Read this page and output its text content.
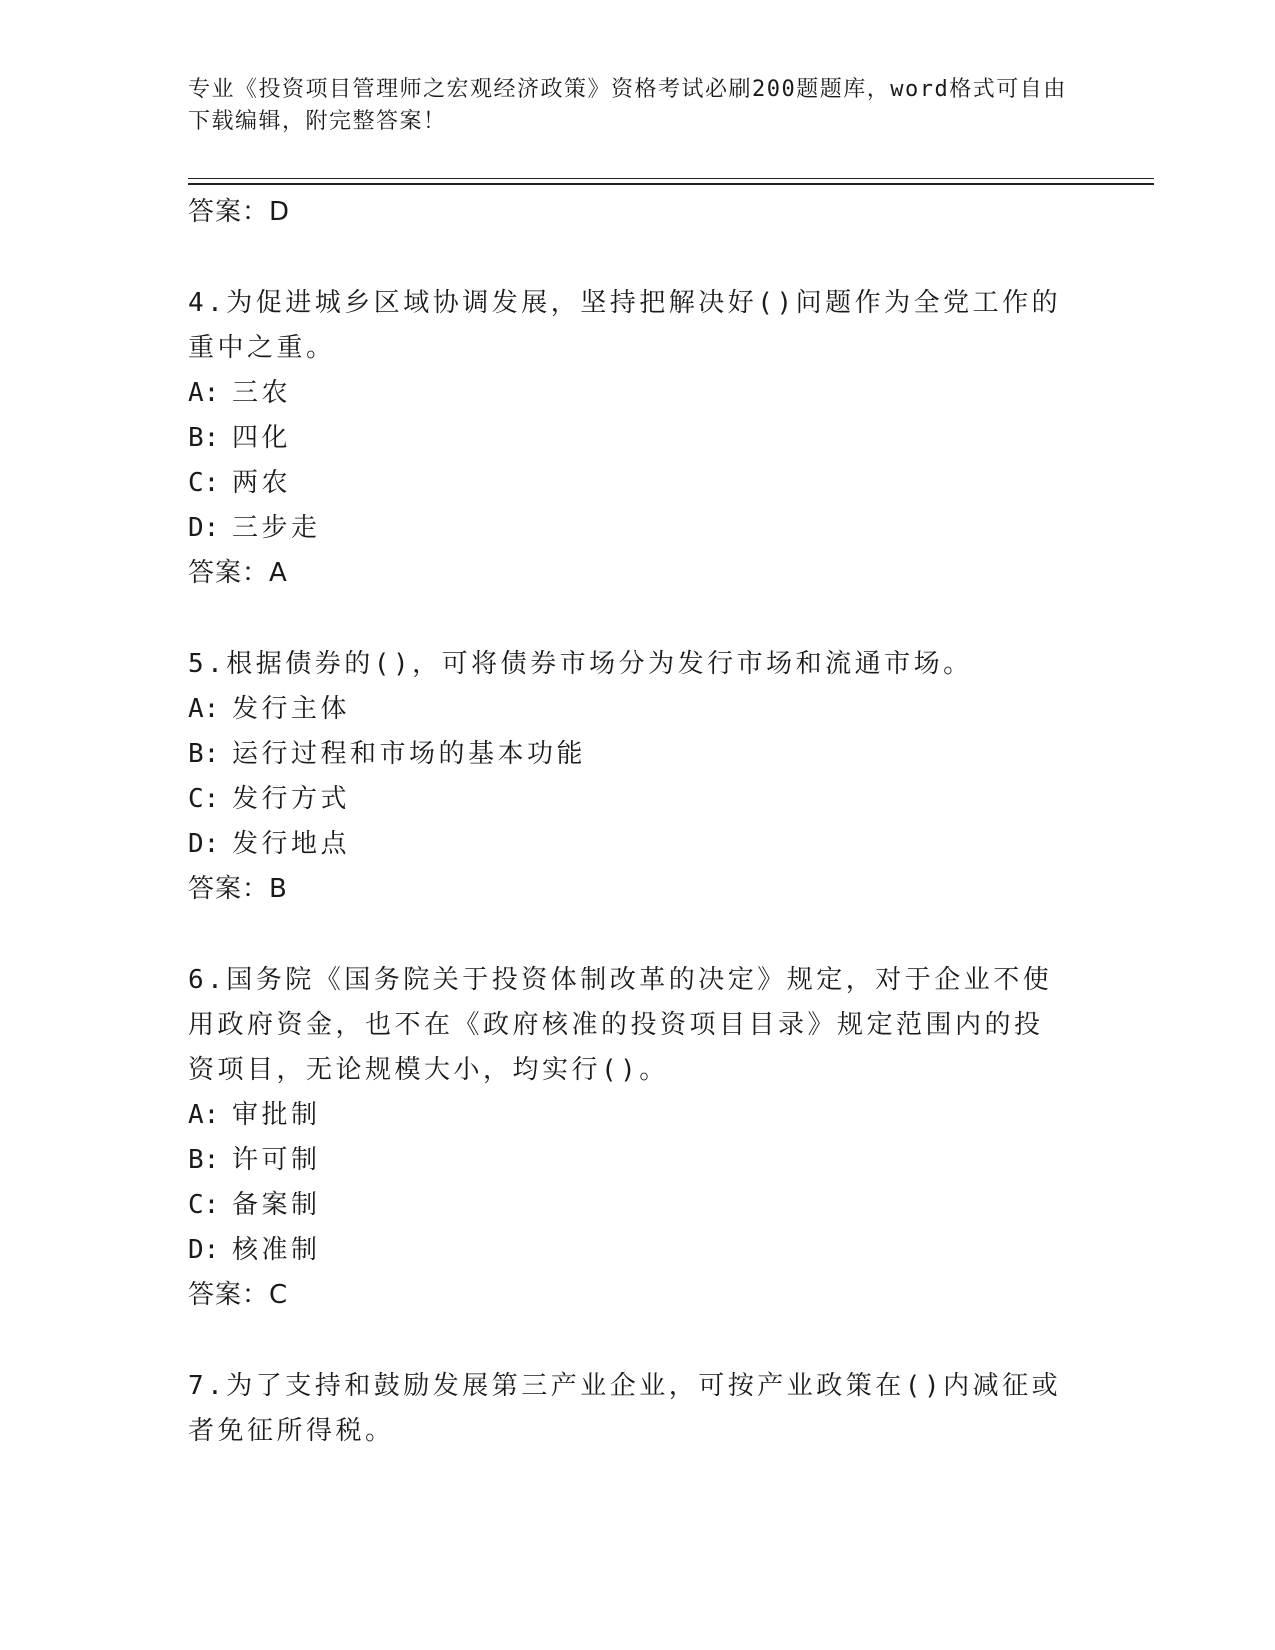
专业《投资项目管理师之宏观经济政策》资格考试必刷200题题库，word格式可自由下载编辑，附完整答案！
答案：D
4.为促进城乡区域协调发展，坚持把解决好()问题作为全党工作的重中之重。
A: 三农
B: 四化
C: 两农
D: 三步走
答案：A
5.根据债券的()，可将债券市场分为发行市场和流通市场。
A: 发行主体
B: 运行过程和市场的基本功能
C: 发行方式
D: 发行地点
答案：B
6.国务院《国务院关于投资体制改革的决定》规定，对于企业不使用政府资金，也不在《政府核准的投资项目目录》规定范围内的投资项目，无论规模大小，均实行()。
A: 审批制
B: 许可制
C: 备案制
D: 核准制
答案：C
7.为了支持和鼓励发展第三产业企业，可按产业政策在()内减征或者免征所得税。
